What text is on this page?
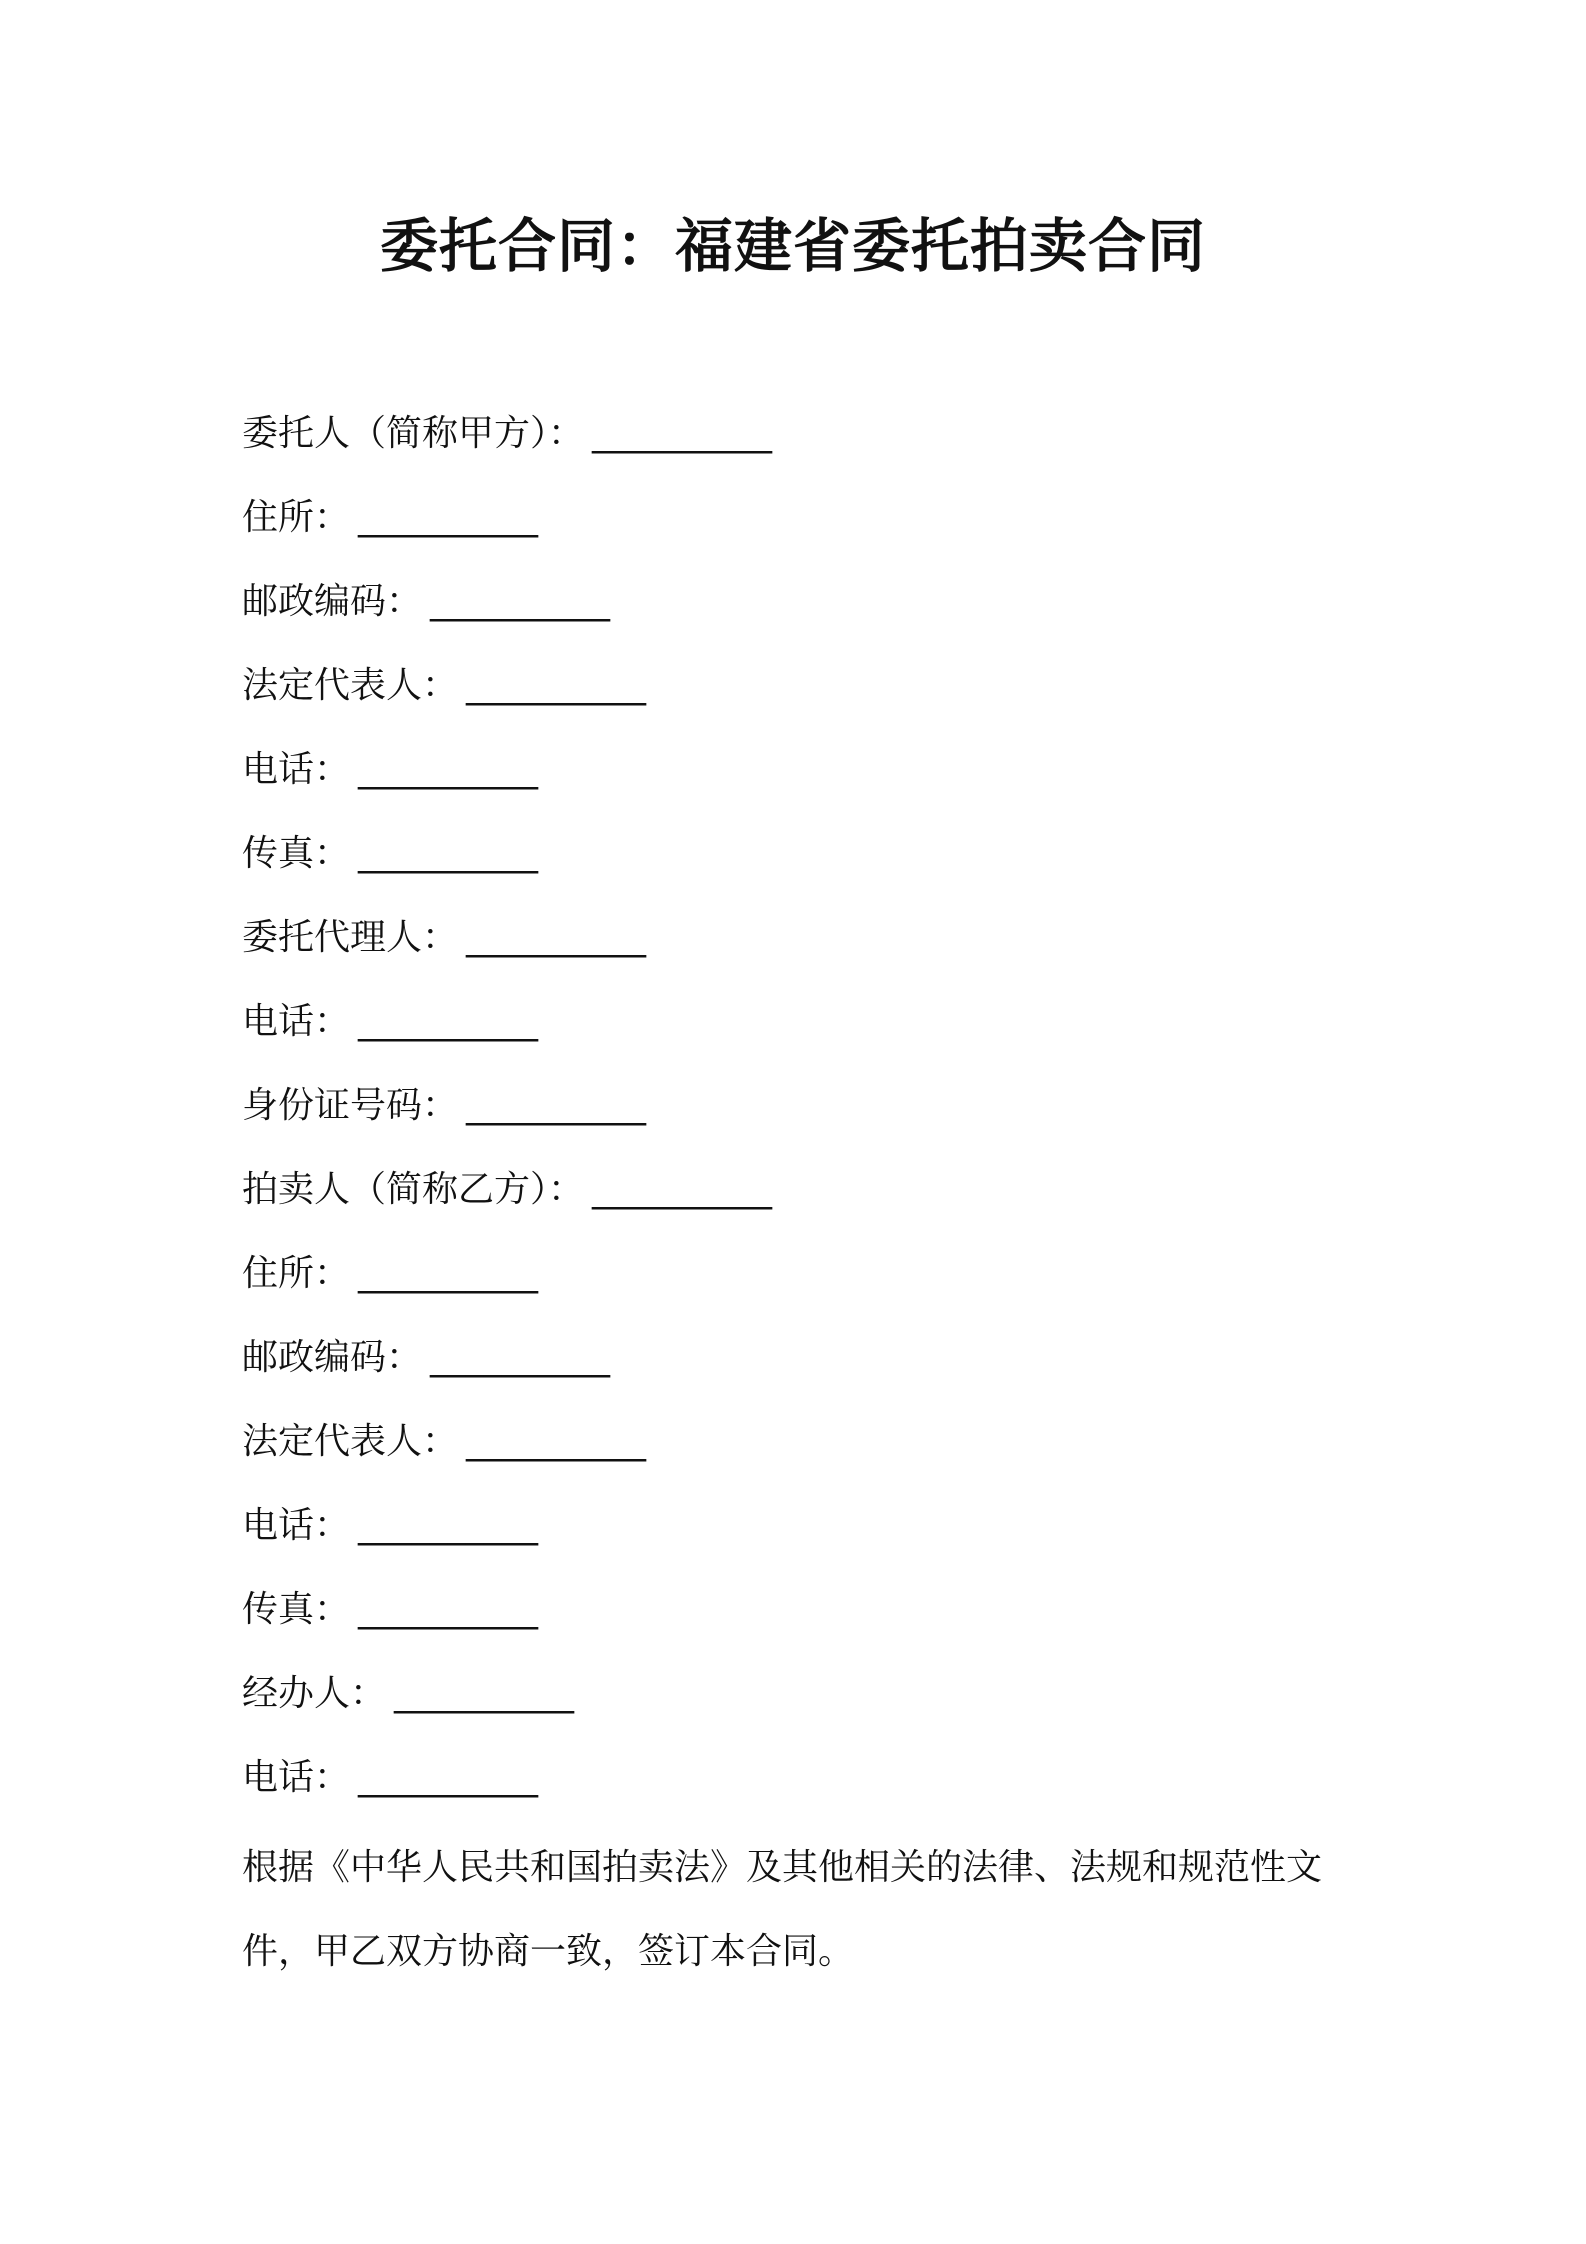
委托合同：福建省委托拍卖合同
委托人（简称甲方）： __________
住所： __________
邮政编码： __________
法定代表人： __________
电话： __________
传真： __________
委托代理人： __________
电话： __________
身份证号码： __________
拍卖人（简称乙方）： __________
住所： __________
邮政编码： __________
法定代表人： __________
电话： __________
传真： __________
经办人： __________
电话： __________

根据《中华人民共和国拍卖法》及其他相关的法律、法规和规范性文件，甲乙双方协商一致，签订本合同。
